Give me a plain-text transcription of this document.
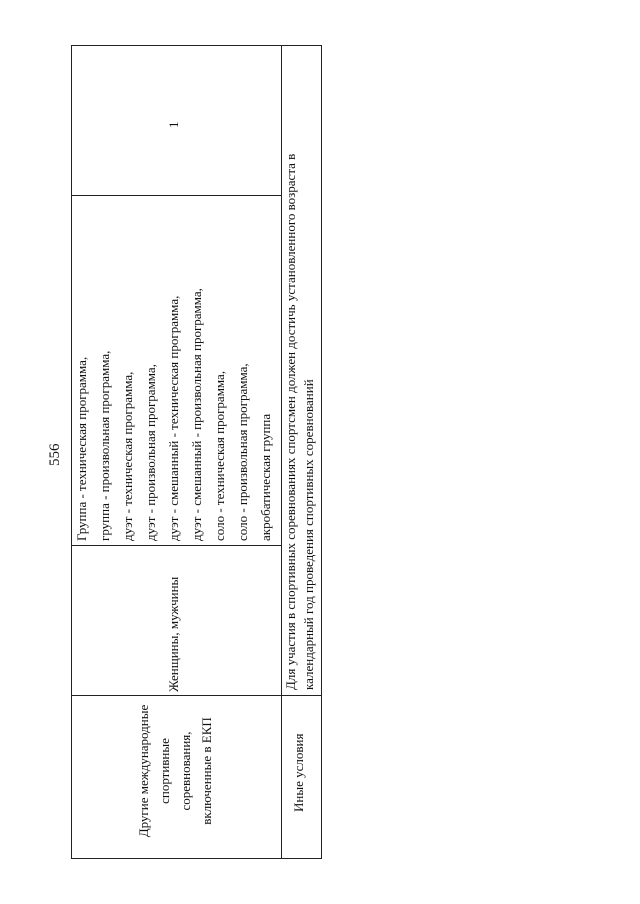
556
Другие международные спортивные соревнования, включенные в ЕКП
Женщины, мужчины
Группа - техническая программа, группа - произвольная программа, дуэт - техническая программа, дуэт - произвольная программа, дуэт - смешанный - техническая программа, дуэт - смешанный - произвольная программа, соло - техническая программа, соло - произвольная программа, акробатическая группа
1
Иные условия
Для участия в спортивных соревнованиях спортсмен должен достичь установленного возраста в календарный год проведения спортивных соревнований
